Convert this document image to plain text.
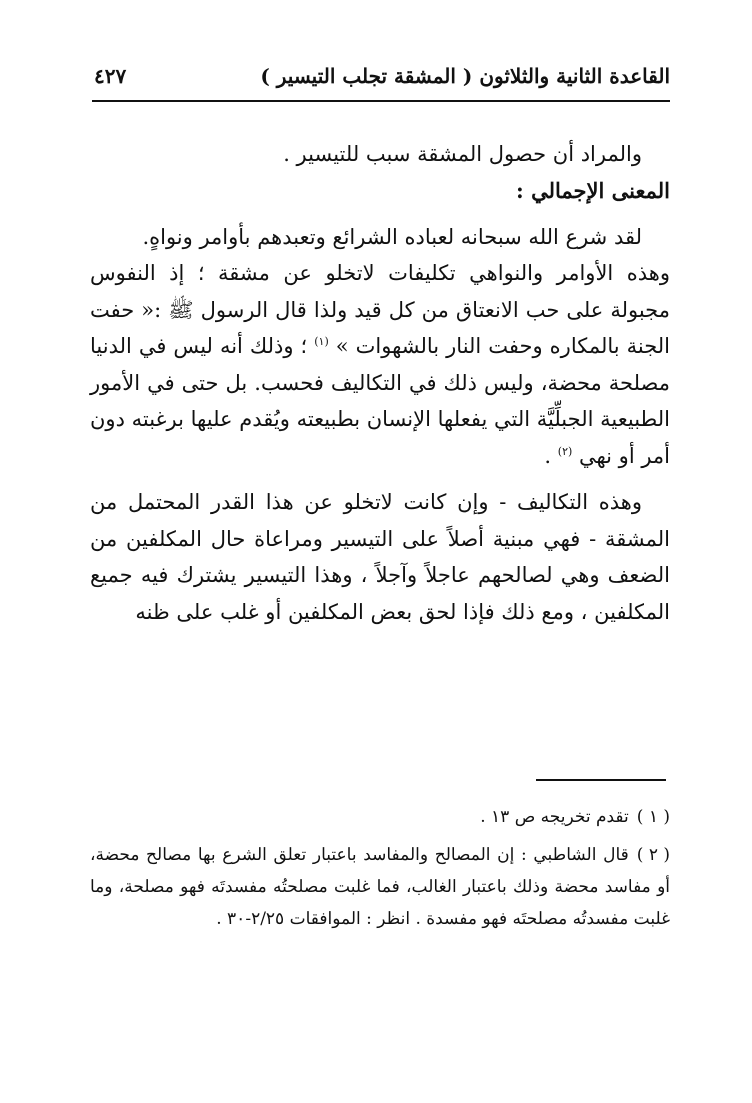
القاعدة الثانية والثلاثون ( المشقة تجلب التيسير )
٤٢٧

والمراد أن حصول المشقة سبب للتيسير .

المعنى الإجمالي :

لقد شرع الله سبحانه لعباده الشرائع وتعبدهم بأوامر ونواهٍ.

وهذه الأوامر والنواهي تكليفات لاتخلو عن مشقة ؛ إذ النفوس مجبولة على حب الانعتاق من كل قيد ولذا قال الرسول ﷺ :« حفت الجنة بالمكاره وحفت النار بالشهوات » $^{(١)}$ ؛ وذلك أنه ليس في الدنيا مصلحة محضة، وليس ذلك في التكاليف فحسب. بل حتى في الأمور الطبيعية الجبلِّيَّة التي يفعلها الإنسان بطبيعته ويُقدم عليها برغبته دون أمر أو نهي $^{(٢)}$ .

وهذه التكاليف - وإن كانت لاتخلو عن هذا القدر المحتمل من المشقة - فهي مبنية أصلاً على التيسير ومراعاة حال المكلفين من الضعف وهي لصالحهم عاجلاً وآجلاً ، وهذا التيسير يشترك فيه جميع المكلفين ، ومع ذلك فإذا لحق بعض المكلفين أو غلب على ظنه

( ١ )تقدم تخريجه ص ١٣ .

( ٢ )قال الشاطبي : إن المصالح والمفاسد باعتبار تعلق الشرع بها مصالح محضة، أو مفاسد محضة وذلك باعتبار الغالب، فما غلبت مصلحتُه مفسدتَه فهو مصلحة، وما غلبت مفسدتُه مصلحتَه فهو مفسدة . انظر : الموافقات ٢/٢٥-٣٠ .
